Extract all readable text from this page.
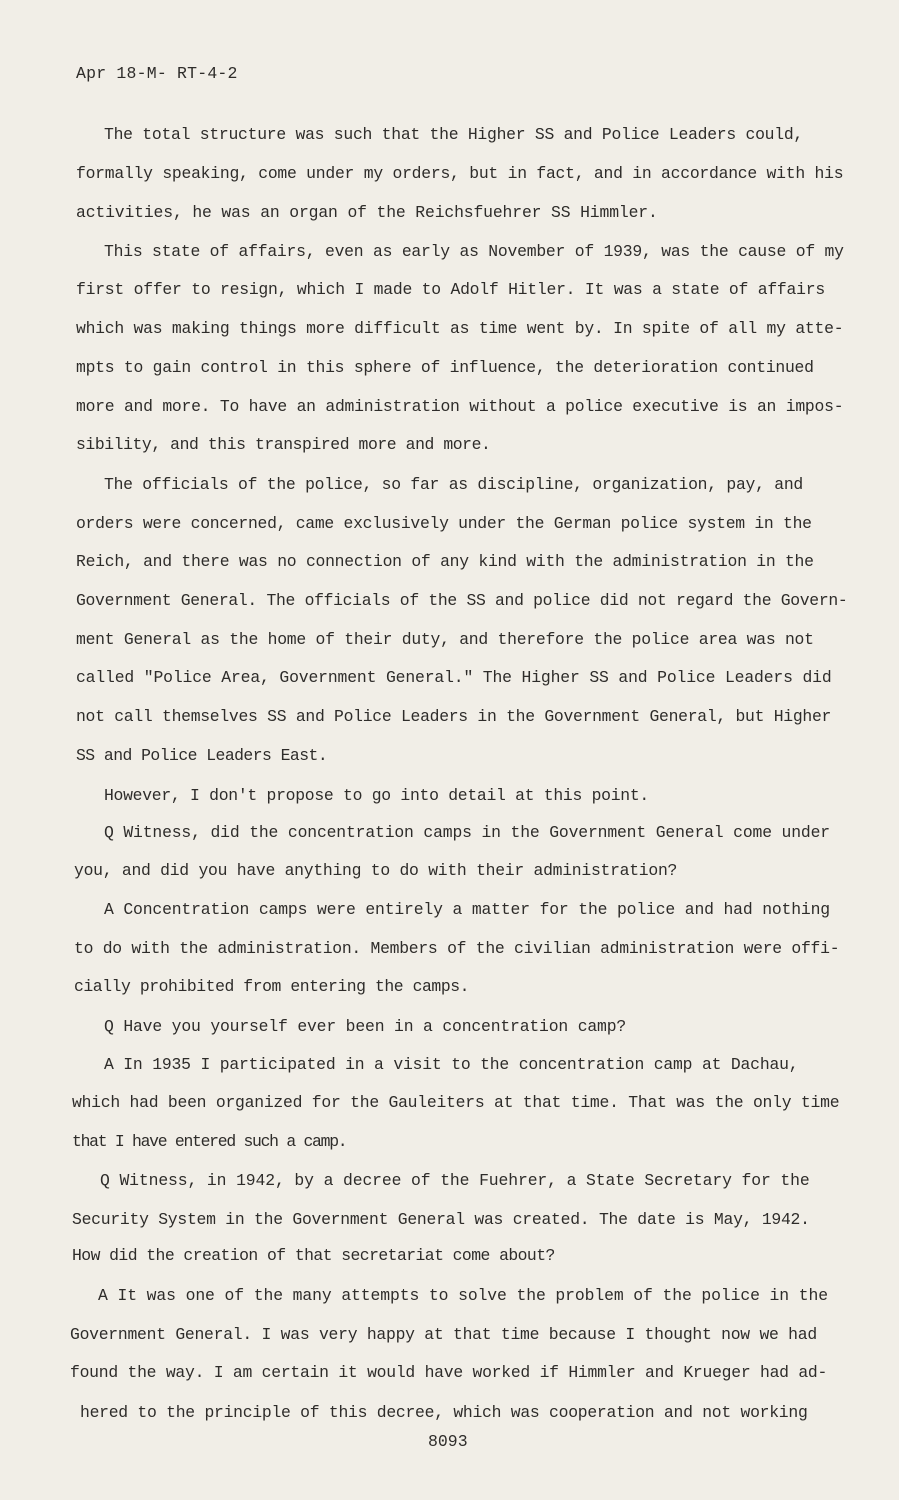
Apr 18-M- RT-4-2
The total structure was such that the Higher SS and Police Leaders could,
formally speaking, come under my orders, but in fact, and in accordance with his
activities, he was an organ of the Reichsfuehrer SS Himmler.
This state of affairs, even as early as November of 1939, was the cause of my
first offer to resign, which I made to Adolf Hitler. It was a state of affairs
which was making things more difficult as time went by. In spite of all my atte-
mpts to gain control in this sphere of influence, the deterioration continued
more and more. To have an administration without a police executive is an impos-
sibility, and this transpired more and more.
The officials of the police, so far as discipline, organization, pay, and
orders were concerned, came exclusively under the German police system in the
Reich, and there was no connection of any kind with the administration in the
Government General. The officials of the SS and police did not regard the Govern-
ment General as the home of their duty, and therefore the police area was not
called "Police Area, Government General." The Higher SS and Police Leaders did
not call themselves SS and Police Leaders in the Government General, but Higher
SS and Police Leaders East.
However, I don't propose to go into detail at this point.
Q Witness, did the concentration camps in the Government General come under
you, and did you have anything to do with their administration?
A Concentration camps were entirely a matter for the police and had nothing
to do with the administration. Members of the civilian administration were offi-
cially prohibited from entering the camps.
Q Have you yourself ever been in a concentration camp?
A In 1935 I participated in a visit to the concentration camp at Dachau,
which had been organized for the Gauleiters at that time. That was the only time
that I have entered such a camp.
Q Witness, in 1942, by a decree of the Fuehrer, a State Secretary for the
Security System in the Government General was created. The date is May, 1942.
How did the creation of that secretariat come about?
A It was one of the many attempts to solve the problem of the police in the
Government General. I was very happy at that time because I thought now we had
found the way. I am certain it would have worked if Himmler and Krueger had ad-
hered to the principle of this decree, which was cooperation and not working
8093
